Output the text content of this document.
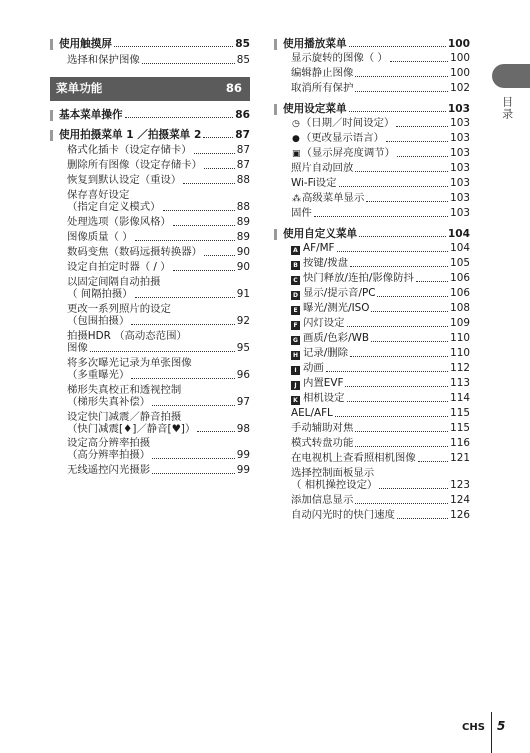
使用触摸屏	85
选择和保护图像	85
菜单功能	86
基本菜单操作	86
使用拍摄菜单 1 ／拍摄菜单 2	87
格式化插卡（设定存储卡）	87
删除所有图像（设定存储卡）	87
恢复到默认设定（重设）	88
保存喜好设定
（指定自定义模式）	88
处理选项（影像风格）	89
图像质量（ ）	89
数码变焦（数码远摄转换器）	90
设定自拍定时器（ / ）	90
以固定间隔自动拍摄
（ 间隔拍摄）	91
更改一系列照片的设定
（包围拍摄）	92
拍摄HDR （高动态范围）
图像	95
将多次曝光记录为单张图像
（多重曝光）	96
梯形失真校正和透视控制
（梯形失真补偿）	97
设定快门减震／静音拍摄
（快门减震[♦]／静音[♥]）	98
设定高分辨率拍摄
（高分辨率拍摄）	99
无线遥控闪光摄影	99
使用播放菜单	100
显示旋转的图像（ ）	100
编辑静止图像	100
取消所有保护	102
使用设定菜单	103
◷（日期／时间设定）	103
●（更改显示语言）	103
▣（显示屏亮度调节）	103
照片自动回放	103
Wi-Fi设定	103
⁂高级菜单显示	103
固件	103
使用自定义菜单	104
A AF/MF	104
B 按键/拨盘	105
C 快门释放/连拍/影像防抖	106
D 显示/提示音/PC	106
E 曝光/测光/ISO	108
F 闪灯设定	109
G 画质/色彩/WB	110
H 记录/删除	110
I 动画	112
J 内置EVF	113
K 相机设定	114
AEL/AFL	115
手动辅助对焦	115
模式转盘功能	116
在电视机上查看照相机图像	121
选择控制面板显示
（ 相机操控设定）	123
添加信息显示	124
自动闪光时的快门速度	126
目录
CHS 5
